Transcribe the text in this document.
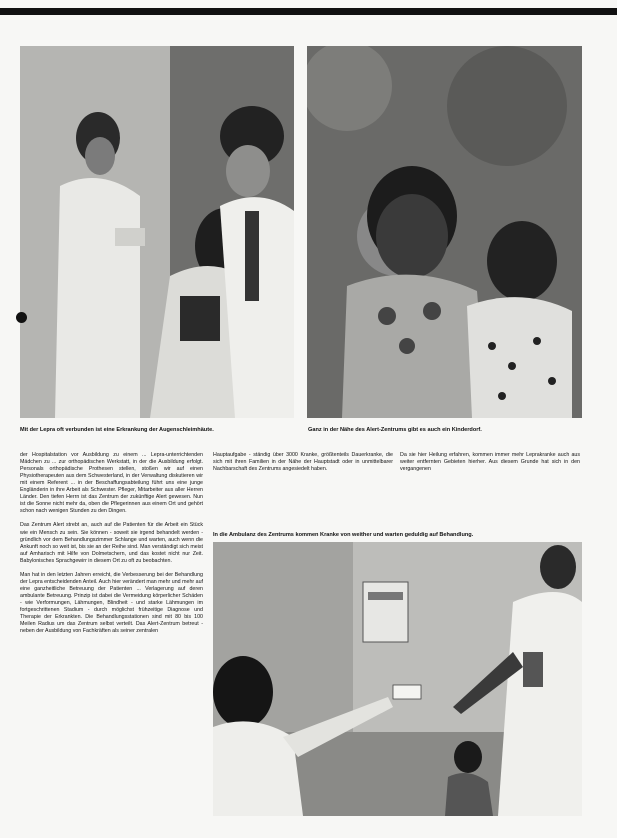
Mit der Lepra oft verbunden ist eine Erkrankung der Augenschleimhäute.	Ganz in der Nähe des Alert-Zentrums gibt es auch ein Kinderdorf.
der Hospitalstation vor Ausbildung zu einem ... Lepra-unterrichtenden Mädchen zu ... zur orthopädischen Werkstatt, in der die Ausbildung erfolgt. Personals orthopädische Prothesen stellen, stoßen wir auf einen Physiotherapeuten aus dem Schwesterland, in der Verwaltung diskutieren wir mit einem Referent ... in der Beschaffungsabteilung führt uns eine junge Engländerin in ihre Arbeit als Schwester. Pfleger, Mitarbeiter aus aller Herren Länder. Den tiefen Herrn ist das Zentrum der zukünftige Alert gewesen. Nun ist die Sonne nicht mehr da, oben die Pflegerinnen aus einem Ort und gehört schon nach wenigen Stunden zu den Dingen.

Das Zentrum Alert strebt an, auch auf die Patienten für die Arbeit ein Stück wie ein Mensch zu sein. Sie können - soweit sie irgend behandelt werden - gründlich vor dem Behandlungszimmer Schlange und warten, auch wenn die Ankunft noch so weit ist, bis sie an der Reihe sind. Man verständigt sich meist auf Amharisch mit Hilfe von Dolmetschern, und das kostet nicht nur Zeit. Babylonisches Sprachgewirr in diesem Ort zu oft zu beobachten.

Man hat in den letzten Jahren erreicht, die Verbesserung bei der Behandlung der Lepra entscheidenden Anteil. Auch hier verändert man mehr und mehr auf eine ganzheitliche Betreuung der Patienten ... Verlagerung auf deren ambulante Betreuung. Prinzip ist dabei die Vermeidung körperlicher Schäden - wie Verformungen, Lähmungen, Blindheit - und starke Lähmungen im fortgeschrittenen Stadium - durch möglichst frühzeitige Diagnose und Therapie der Erkrankten. Die Behandlungsstationen sind mit 80 bis 100 Meilen Radius um das Zentrum selbst verteilt. Das Alert-Zentrum betreut - neben der Ausbildung von Fachkräften als seiner zentralen
Hauptaufgabe - ständig über 3000 Kranke, größtenteils Dauerkranke, die sich mit ihren Familien in der Nähe der Hauptstadt oder in unmittelbarer Nachbarschaft des Zentrums angesiedelt haben.
Da sie hier Heilung erfahren, kommen immer mehr Leprakranke auch aus weiter entfernten Gebieten hierher. Aus diesem Grunde hat sich in den vergangenen
In die Ambulanz des Zentrums kommen Kranke von weither und warten geduldig auf Behandlung.
